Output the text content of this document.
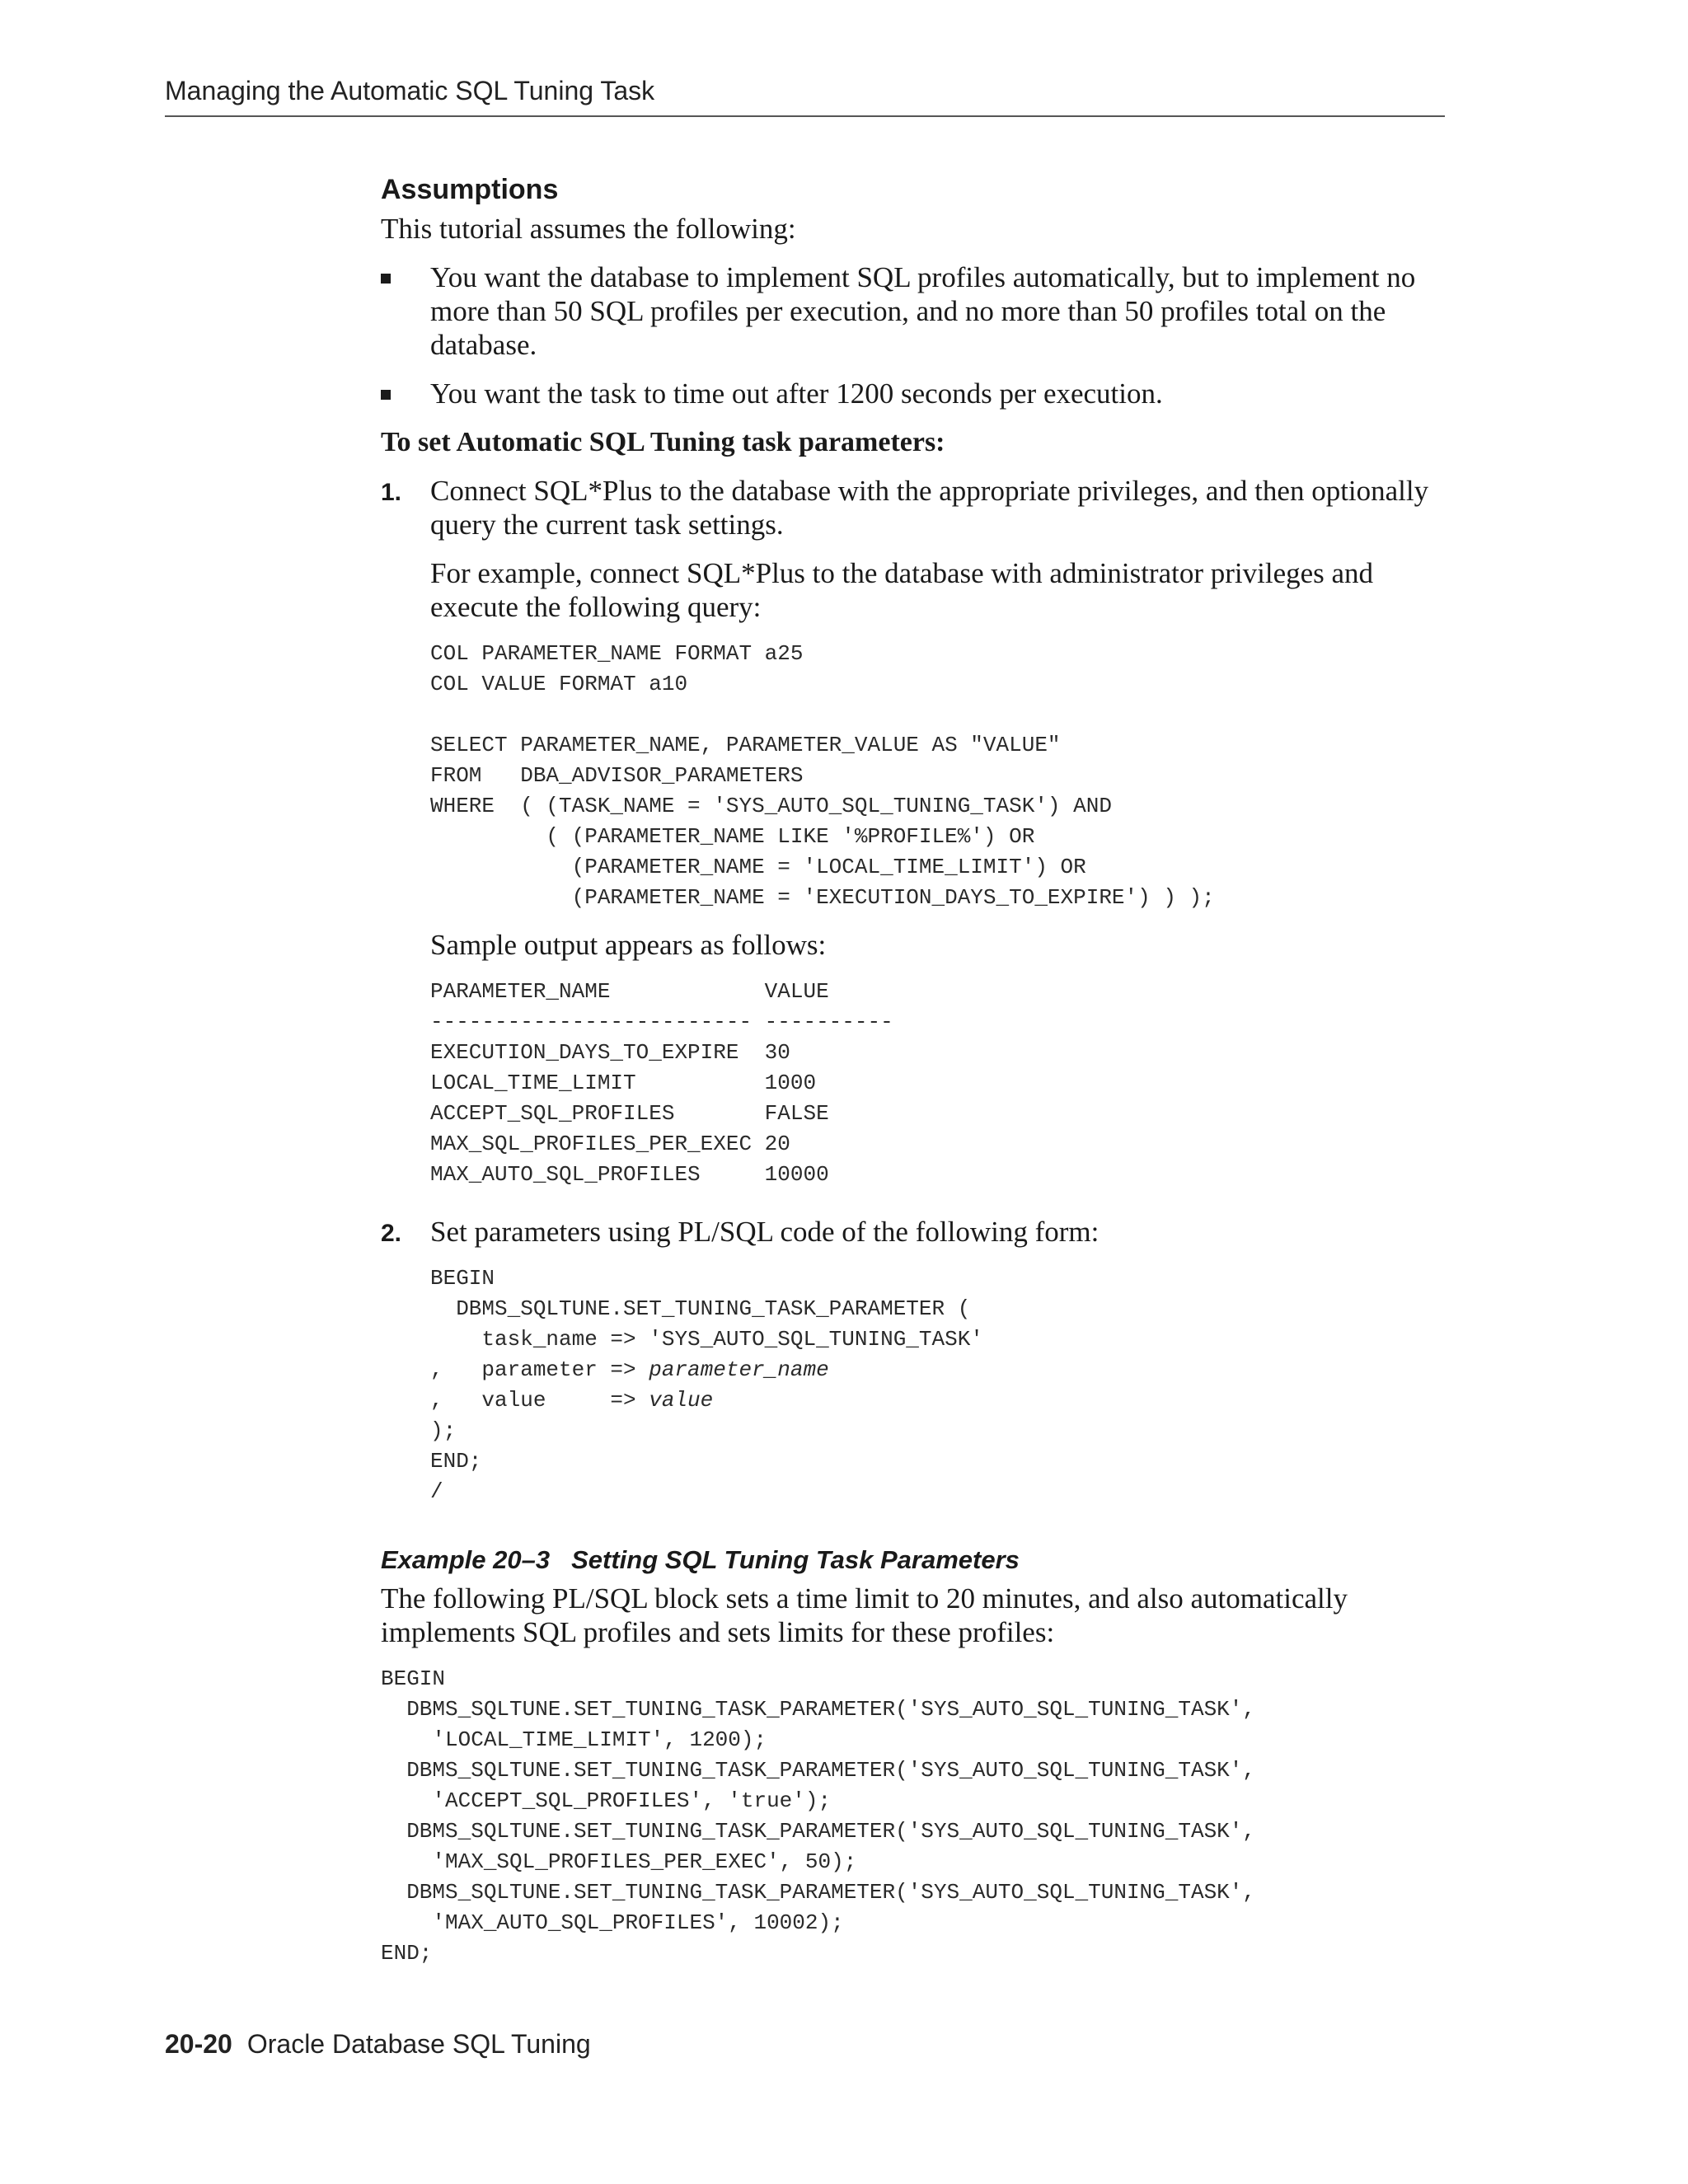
Managing the Automatic SQL Tuning Task
Assumptions

This tutorial assumes the following:

You want the database to implement SQL profiles automatically, but to implement no more than 50 SQL profiles per execution, and no more than 50 profiles total on the database.
You want the task to time out after 1200 seconds per execution.

To set Automatic SQL Tuning task parameters:

1. Connect SQL*Plus to the database with the appropriate privileges, and then optionally query the current task settings.

For example, connect SQL*Plus to the database with administrator privileges and execute the following query:

COL PARAMETER_NAME FORMAT a25
COL VALUE FORMAT a10

SELECT PARAMETER_NAME, PARAMETER_VALUE AS "VALUE"
FROM   DBA_ADVISOR_PARAMETERS
WHERE  ( (TASK_NAME = 'SYS_AUTO_SQL_TUNING_TASK') AND
( (PARAMETER_NAME LIKE '%PROFILE%') OR
(PARAMETER_NAME = 'LOCAL_TIME_LIMIT') OR
(PARAMETER_NAME = 'EXECUTION_DAYS_TO_EXPIRE') ) );

Sample output appears as follows:

PARAMETER_NAME            VALUE
------------------------- ----------
EXECUTION_DAYS_TO_EXPIRE  30
LOCAL_TIME_LIMIT          1000
ACCEPT_SQL_PROFILES       FALSE
MAX_SQL_PROFILES_PER_EXEC 20
MAX_AUTO_SQL_PROFILES     10000
2. Set parameters using PL/SQL code of the following form:

BEGIN
DBMS_SQLTUNE.SET_TUNING_TASK_PARAMETER (
task_name => 'SYS_AUTO_SQL_TUNING_TASK'
,   parameter => parameter_name
,   value     => value
);
END;
/

Example 20–3 Setting SQL Tuning Task Parameters

The following PL/SQL block sets a time limit to 20 minutes, and also automatically implements SQL profiles and sets limits for these profiles:

BEGIN
DBMS_SQLTUNE.SET_TUNING_TASK_PARAMETER('SYS_AUTO_SQL_TUNING_TASK',
'LOCAL_TIME_LIMIT', 1200);
DBMS_SQLTUNE.SET_TUNING_TASK_PARAMETER('SYS_AUTO_SQL_TUNING_TASK',
'ACCEPT_SQL_PROFILES', 'true');
DBMS_SQLTUNE.SET_TUNING_TASK_PARAMETER('SYS_AUTO_SQL_TUNING_TASK',
'MAX_SQL_PROFILES_PER_EXEC', 50);
DBMS_SQLTUNE.SET_TUNING_TASK_PARAMETER('SYS_AUTO_SQL_TUNING_TASK',
'MAX_AUTO_SQL_PROFILES', 10002);
END;
20-20 Oracle Database SQL Tuning
